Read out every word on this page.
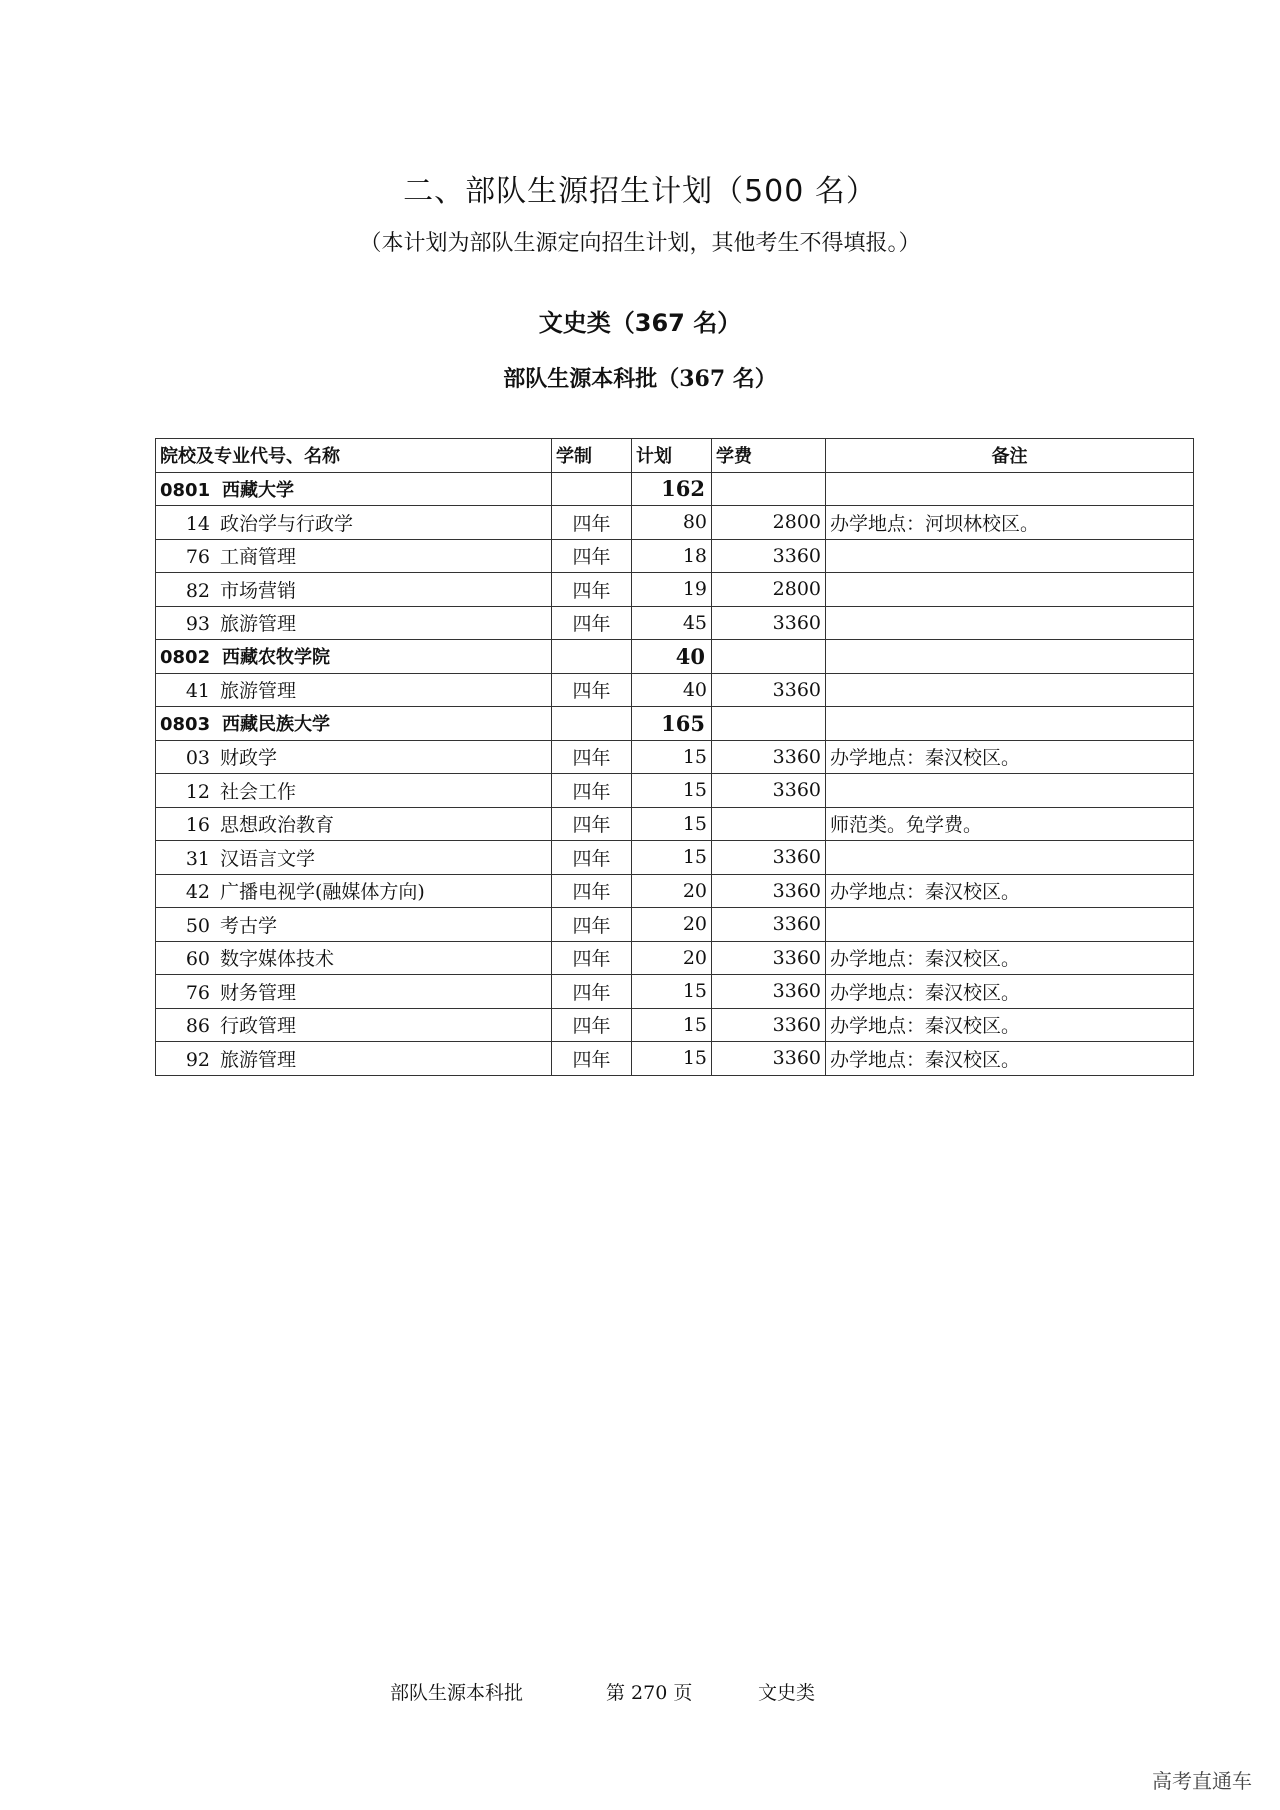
二、部队生源招生计划（500 名）
（本计划为部队生源定向招生计划，其他考生不得填报。）
文史类（367 名）
部队生源本科批（367 名）
院校及专业代号、名称	学制	计划	学费	备注
0801 西藏大学		162		
14 政治学与行政学	四年	80	2800	办学地点：河坝林校区。
76 工商管理	四年	18	3360	
82 市场营销	四年	19	2800	
93 旅游管理	四年	45	3360	
0802 西藏农牧学院		40		
41 旅游管理	四年	40	3360	
0803 西藏民族大学		165		
03 财政学	四年	15	3360	办学地点：秦汉校区。
12 社会工作	四年	15	3360	
16 思想政治教育	四年	15		师范类。免学费。
31 汉语言文学	四年	15	3360	
42 广播电视学(融媒体方向)	四年	20	3360	办学地点：秦汉校区。
50 考古学	四年	20	3360	
60 数字媒体技术	四年	20	3360	办学地点：秦汉校区。
76 财务管理	四年	15	3360	办学地点：秦汉校区。
86 行政管理	四年	15	3360	办学地点：秦汉校区。
92 旅游管理	四年	15	3360	办学地点：秦汉校区。
部队生源本科批	第 270 页	文史类
高考直通车
